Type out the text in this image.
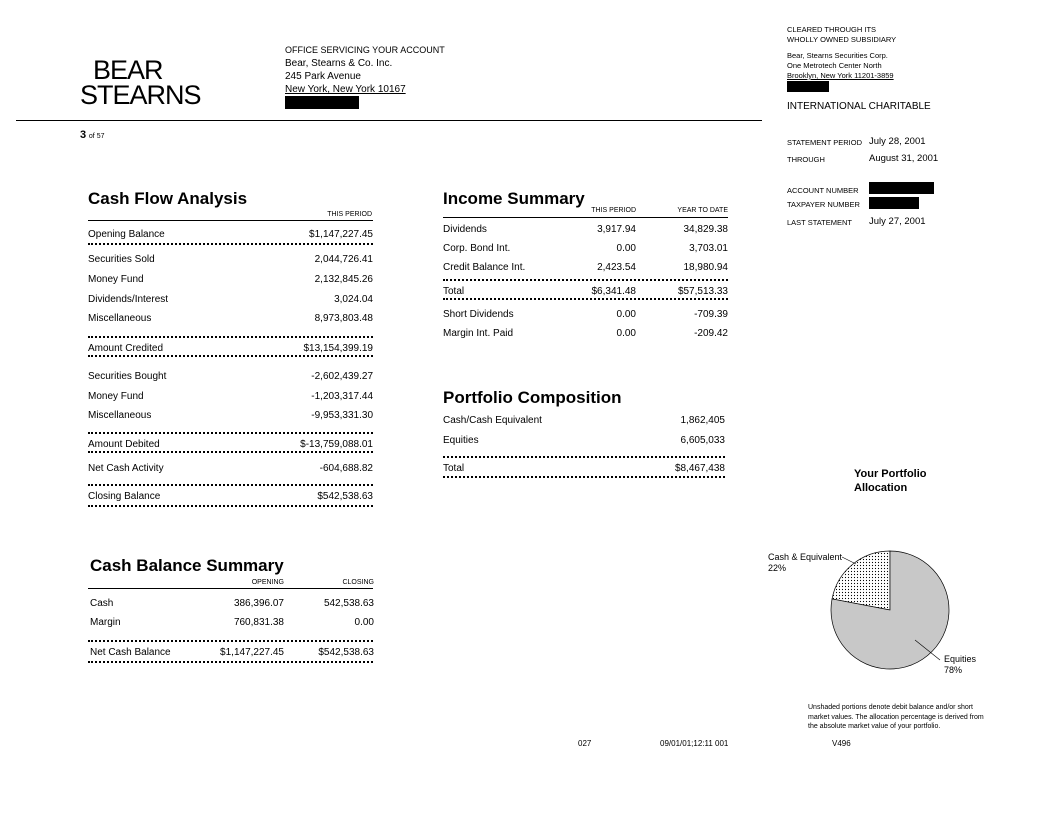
BEAR
STEARNS
OFFICE SERVICING YOUR ACCOUNT
Bear, Stearns & Co. Inc.
245 Park Avenue
New York, New York 10167
CLEARED THROUGH ITS
WHOLLY OWNED SUBSIDIARY
Bear, Stearns Securities Corp.
One Metrotech Center North
Brooklyn, New York 11201-3859
INTERNATIONAL CHARITABLE
3 of 57
STATEMENT PERIOD July 28, 2001
THROUGH	August 31, 2001
ACCOUNT NUMBER
TAXPAYER NUMBER
LAST STATEMENT July 27, 2001
Cash Flow Analysis
THIS PERIOD
Opening Balance	$1,147,227.45
Securities Sold	2,044,726.41
Money Fund	2,132,845.26
Dividends/Interest	3,024.04
Miscellaneous	8,973,803.48
Amount Credited	$13,154,399.19
Securities Bought	-2,602,439.27
Money Fund	-1,203,317.44
Miscellaneous	-9,953,331.30
Amount Debited	$-13,759,088.01
Net Cash Activity	-604,688.82
Closing Balance	$542,538.63
Income Summary
THIS PERIOD	YEAR TO DATE
Dividends	3,917.94	34,829.38
Corp. Bond Int.	0.00	3,703.01
Credit Balance Int.	2,423.54	18,980.94
Total	$6,341.48	$57,513.33
Short Dividends	0.00	-709.39
Margin Int. Paid	0.00	-209.42
Portfolio Composition
Cash/Cash Equivalent	1,862,405
Equities	6,605,033
Total	$8,467,438
Cash Balance Summary
OPENING	CLOSING
Cash	386,396.07	542,538.63
Margin	760,831.38	0.00
Net Cash Balance	$1,147,227.45	$542,538.63
Your Portfolio Allocation
Cash & Equivalent
22%
Equities
78%
Unshaded portions denote debit balance and/or short market values. The allocation percentage is derived from the absolute market value of your portfolio.
027	09/01/01;12:11 001	V496
